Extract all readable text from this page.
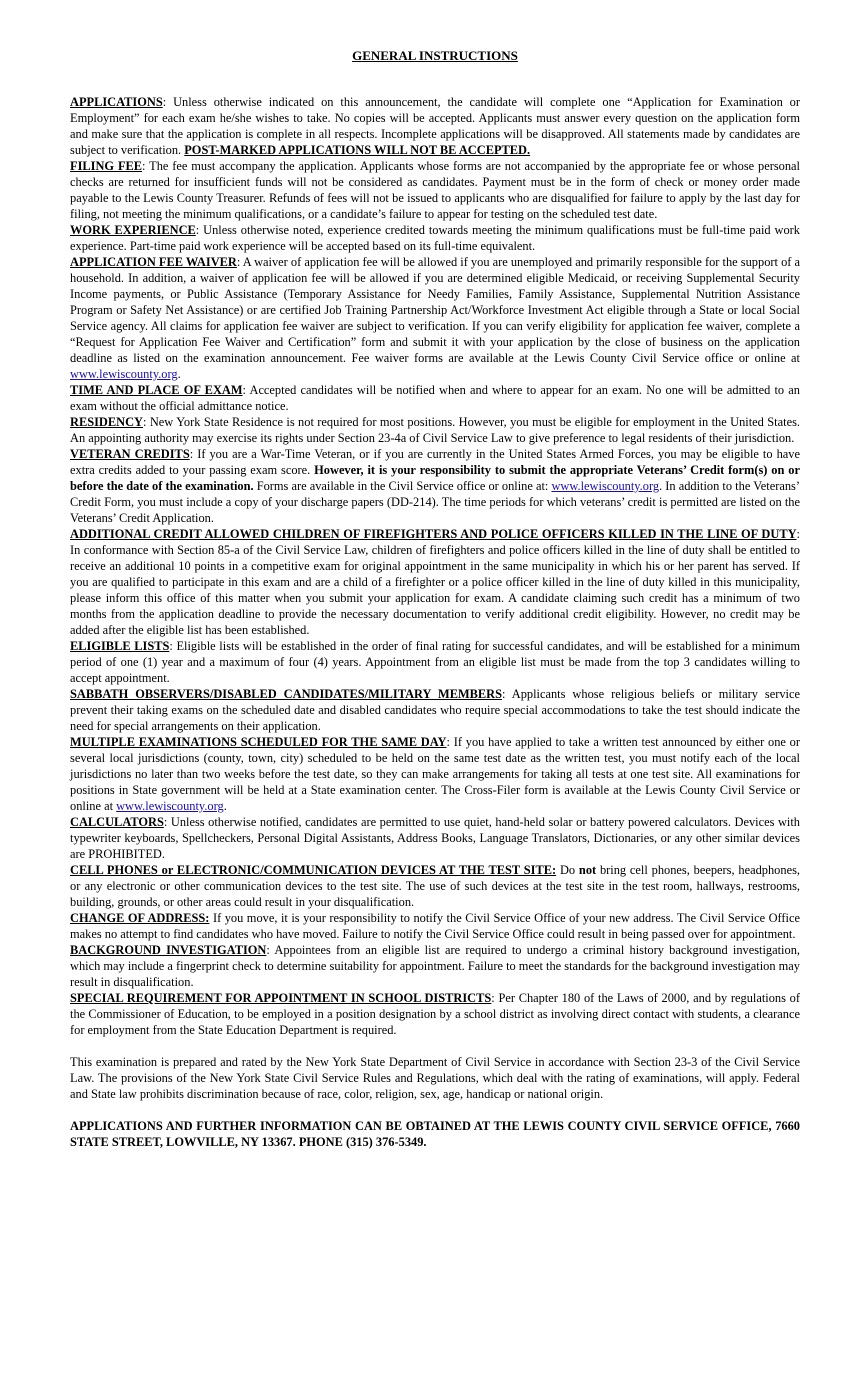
GENERAL INSTRUCTIONS

APPLICATIONS: Unless otherwise indicated on this announcement, the candidate will complete one “Application for Examination or Employment” for each exam he/she wishes to take. No copies will be accepted. Applicants must answer every question on the application form and make sure that the application is complete in all respects. Incomplete applications will be disapproved. All statements made by candidates are subject to verification. POST-MARKED APPLICATIONS WILL NOT BE ACCEPTED.

FILING FEE: The fee must accompany the application. Applicants whose forms are not accompanied by the appropriate fee or whose personal checks are returned for insufficient funds will not be considered as candidates. Payment must be in the form of check or money order made payable to the Lewis County Treasurer. Refunds of fees will not be issued to applicants who are disqualified for failure to apply by the last day for filing, not meeting the minimum qualifications, or a candidate’s failure to appear for testing on the scheduled test date.

WORK EXPERIENCE: Unless otherwise noted, experience credited towards meeting the minimum qualifications must be full-time paid work experience. Part-time paid work experience will be accepted based on its full-time equivalent.

APPLICATION FEE WAIVER: A waiver of application fee will be allowed if you are unemployed and primarily responsible for the support of a household. In addition, a waiver of application fee will be allowed if you are determined eligible Medicaid, or receiving Supplemental Security Income payments, or Public Assistance (Temporary Assistance for Needy Families, Family Assistance, Supplemental Nutrition Assistance Program or Safety Net Assistance) or are certified Job Training Partnership Act/Workforce Investment Act eligible through a State or local Social Service agency. All claims for application fee waiver are subject to verification. If you can verify eligibility for application fee waiver, complete a “Request for Application Fee Waiver and Certification” form and submit it with your application by the close of business on the application deadline as listed on the examination announcement. Fee waiver forms are available at the Lewis County Civil Service office or online at www.lewiscounty.org.

TIME AND PLACE OF EXAM: Accepted candidates will be notified when and where to appear for an exam. No one will be admitted to an exam without the official admittance notice.

RESIDENCY: New York State Residence is not required for most positions. However, you must be eligible for employment in the United States. An appointing authority may exercise its rights under Section 23-4a of Civil Service Law to give preference to legal residents of their jurisdiction.

VETERAN CREDITS: If you are a War-Time Veteran, or if you are currently in the United States Armed Forces, you may be eligible to have extra credits added to your passing exam score. However, it is your responsibility to submit the appropriate Veterans’ Credit form(s) on or before the date of the examination. Forms are available in the Civil Service office or online at: www.lewiscounty.org. In addition to the Veterans’ Credit Form, you must include a copy of your discharge papers (DD-214). The time periods for which veterans’ credit is permitted are listed on the Veterans’ Credit Application.

ADDITIONAL CREDIT ALLOWED CHILDREN OF FIREFIGHTERS AND POLICE OFFICERS KILLED IN THE LINE OF DUTY: In conformance with Section 85-a of the Civil Service Law, children of firefighters and police officers killed in the line of duty shall be entitled to receive an additional 10 points in a competitive exam for original appointment in the same municipality in which his or her parent has served. If you are qualified to participate in this exam and are a child of a firefighter or a police officer killed in the line of duty killed in this municipality, please inform this office of this matter when you submit your application for exam. A candidate claiming such credit has a minimum of two months from the application deadline to provide the necessary documentation to verify additional credit eligibility. However, no credit may be added after the eligible list has been established.

ELIGIBLE LISTS: Eligible lists will be established in the order of final rating for successful candidates, and will be established for a minimum period of one (1) year and a maximum of four (4) years. Appointment from an eligible list must be made from the top 3 candidates willing to accept appointment.

SABBATH OBSERVERS/DISABLED CANDIDATES/MILITARY MEMBERS: Applicants whose religious beliefs or military service prevent their taking exams on the scheduled date and disabled candidates who require special accommodations to take the test should indicate the need for special arrangements on their application.

MULTIPLE EXAMINATIONS SCHEDULED FOR THE SAME DAY: If you have applied to take a written test announced by either one or several local jurisdictions (county, town, city) scheduled to be held on the same test date as the written test, you must notify each of the local jurisdictions no later than two weeks before the test date, so they can make arrangements for taking all tests at one test site. All examinations for positions in State government will be held at a State examination center. The Cross-Filer form is available at the Lewis County Civil Service or online at www.lewiscounty.org.

CALCULATORS: Unless otherwise notified, candidates are permitted to use quiet, hand-held solar or battery powered calculators. Devices with typewriter keyboards, Spellcheckers, Personal Digital Assistants, Address Books, Language Translators, Dictionaries, or any other similar devices are PROHIBITED.

CELL PHONES or ELECTRONIC/COMMUNICATION DEVICES AT THE TEST SITE: Do not bring cell phones, beepers, headphones, or any electronic or other communication devices to the test site. The use of such devices at the test site in the test room, hallways, restrooms, building, grounds, or other areas could result in your disqualification.

CHANGE OF ADDRESS: If you move, it is your responsibility to notify the Civil Service Office of your new address. The Civil Service Office makes no attempt to find candidates who have moved. Failure to notify the Civil Service Office could result in being passed over for appointment.

BACKGROUND INVESTIGATION: Appointees from an eligible list are required to undergo a criminal history background investigation, which may include a fingerprint check to determine suitability for appointment. Failure to meet the standards for the background investigation may result in disqualification.

SPECIAL REQUIREMENT FOR APPOINTMENT IN SCHOOL DISTRICTS: Per Chapter 180 of the Laws of 2000, and by regulations of the Commissioner of Education, to be employed in a position designation by a school district as involving direct contact with students, a clearance for employment from the State Education Department is required.

This examination is prepared and rated by the New York State Department of Civil Service in accordance with Section 23-3 of the Civil Service Law. The provisions of the New York State Civil Service Rules and Regulations, which deal with the rating of examinations, will apply. Federal and State law prohibits discrimination because of race, color, religion, sex, age, handicap or national origin.

APPLICATIONS AND FURTHER INFORMATION CAN BE OBTAINED AT THE LEWIS COUNTY CIVIL SERVICE OFFICE, 7660 STATE STREET, LOWVILLE, NY 13367. PHONE (315) 376-5349.
